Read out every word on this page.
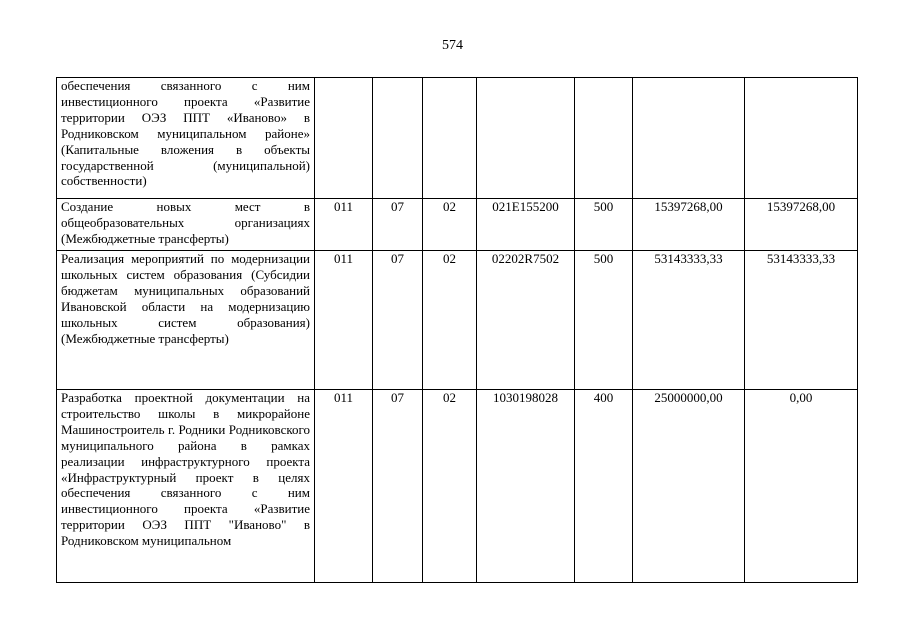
574
обеспечения связанного с ним инвестиционного проекта «Развитие территории ОЭЗ ППТ «Иваново» в Родниковском муниципальном районе» (Капитальные вложения в объекты государственной (муниципальной) собственности)							

Создание новых мест в общеобразовательных организациях (Межбюджетные трансферты)	011	07	02	021E155200	500	15397268,00	15397268,00

Реализация мероприятий по модернизации школьных систем образования (Субсидии бюджетам муниципальных образований Ивановской области на модернизацию школьных систем образования) (Межбюджетные трансферты)	011	07	02	02202R7502	500	53143333,33	53143333,33

Разработка проектной документации на строительство школы в микрорайоне Машиностроитель г. Родники Родниковского муниципального района в рамках реализации инфраструктурного проекта «Инфраструктурный проект в целях обеспечения связанного с ним инвестиционного проекта «Развитие территории ОЭЗ ППТ "Иваново" в Родниковском муниципальном	011	07	02	1030198028	400	25000000,00	0,00
